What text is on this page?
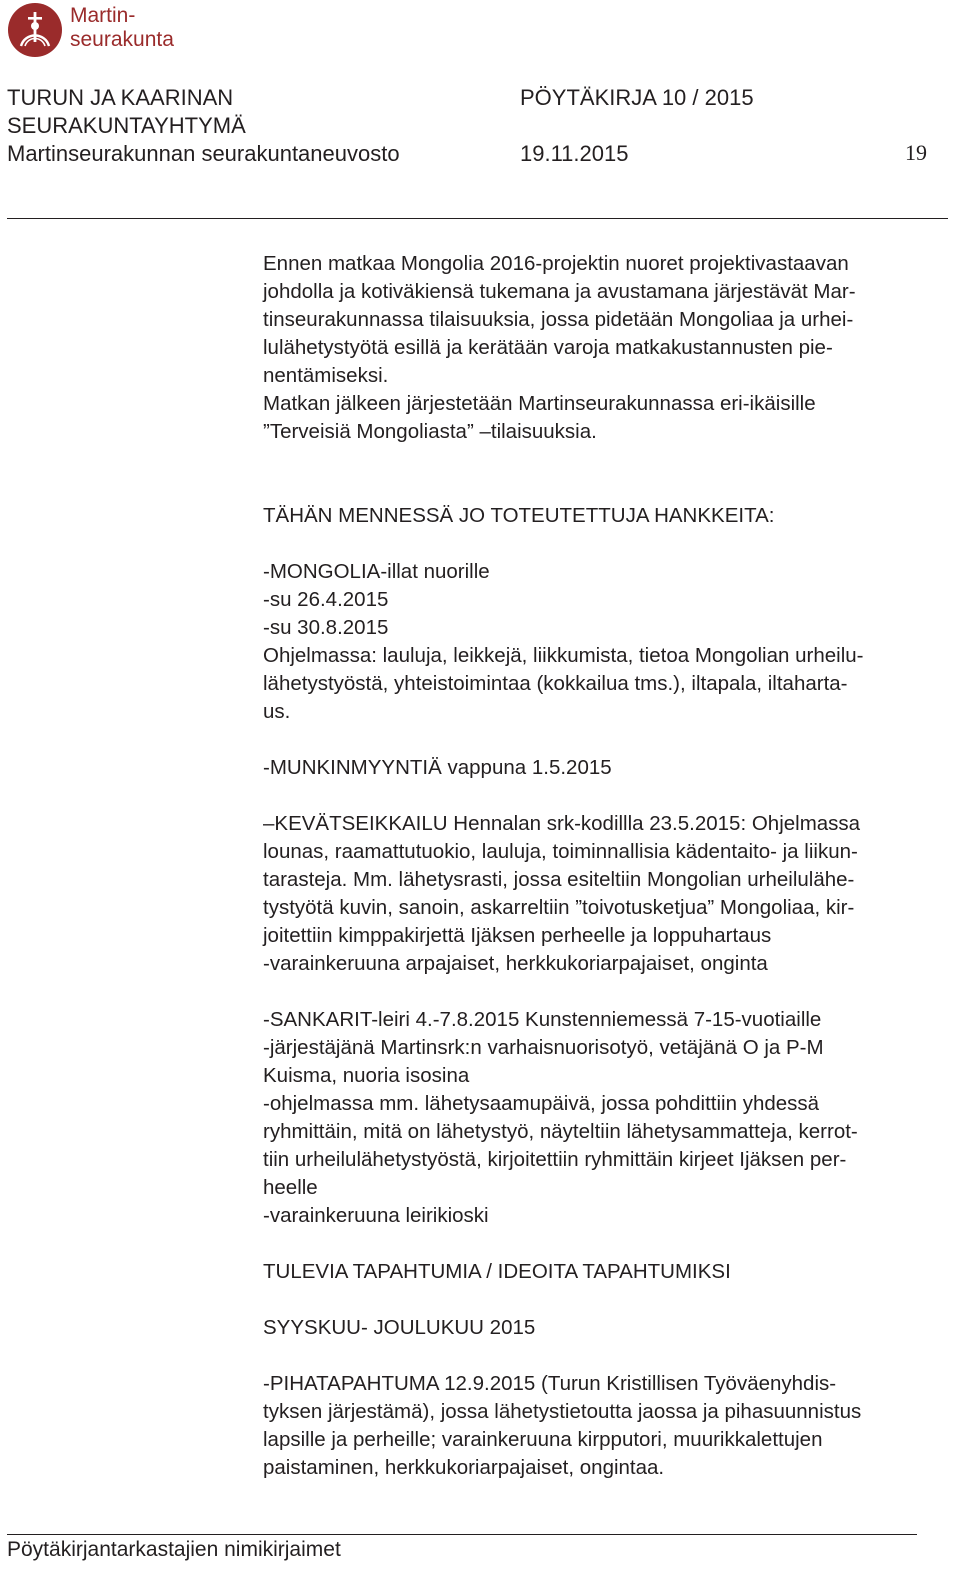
Martin-
seurakunta
TURUN JA KAARINAN	PÖYTÄKIRJA 10 / 2015
SEURAKUNTAYHTYMÄ
Martinseurakunnan seurakuntaneuvosto	19.11.2015	19

Ennen matkaa Mongolia 2016-projektin nuoret projektivastaavan

johdolla ja kotiväkiensä tukemana ja avustamana järjestävät Mar-

tinseurakunnassa tilaisuuksia, jossa pidetään Mongoliaa ja urhei-

lulähetystyötä esillä ja kerätään varoja matkakustannusten pie-

nentämiseksi.

Matkan jälkeen järjestetään Martinseurakunnassa eri-ikäisille

”Terveisiä Mongoliasta” –tilaisuuksia.

TÄHÄN MENNESSÄ JO TOTEUTETTUJA HANKKEITA:

-MONGOLIA-illat nuorille

-su 26.4.2015

-su 30.8.2015

Ohjelmassa: lauluja, leikkejä, liikkumista, tietoa Mongolian urheilu-

lähetystyöstä, yhteistoimintaa (kokkailua tms.), iltapala, iltaharta-

us.

-MUNKINMYYNTIÄ vappuna 1.5.2015

–KEVÄTSEIKKAILU Hennalan srk-kodillla 23.5.2015: Ohjelmassa

lounas, raamattutuokio, lauluja, toiminnallisia kädentaito- ja liikun-

tarasteja. Mm. lähetysrasti, jossa esiteltiin Mongolian urheilulähe-

tystyötä kuvin, sanoin, askarreltiin ”toivotusketjua” Mongoliaa, kir-

joitettiin kimppakirjettä Ijäksen perheelle ja loppuhartaus

-varainkeruuna arpajaiset, herkkukoriarpajaiset, onginta

-SANKARIT-leiri 4.-7.8.2015 Kunstenniemessä 7-15-vuotiaille

-järjestäjänä Martinsrk:n varhaisnuorisotyö, vetäjänä O ja P-M

Kuisma, nuoria isosina

-ohjelmassa mm. lähetysaamupäivä, jossa pohdittiin yhdessä

ryhmittäin, mitä on lähetystyö, näyteltiin lähetysammatteja, kerrot-

tiin urheilulähetystyöstä, kirjoitettiin ryhmittäin kirjeet Ijäksen per-

heelle

-varainkeruuna leirikioski

TULEVIA TAPAHTUMIA / IDEOITA TAPAHTUMIKSI

SYYSKUU- JOULUKUU 2015

-PIHATAPAHTUMA 12.9.2015 (Turun Kristillisen Työväenyhdis-

tyksen järjestämä), jossa lähetystietoutta jaossa ja pihasuunnistus

lapsille ja perheille; varainkeruuna kirpputori, muurikkalettujen

paistaminen, herkkukoriarpajaiset, ongintaa.

Pöytäkirjantarkastajien nimikirjaimet
